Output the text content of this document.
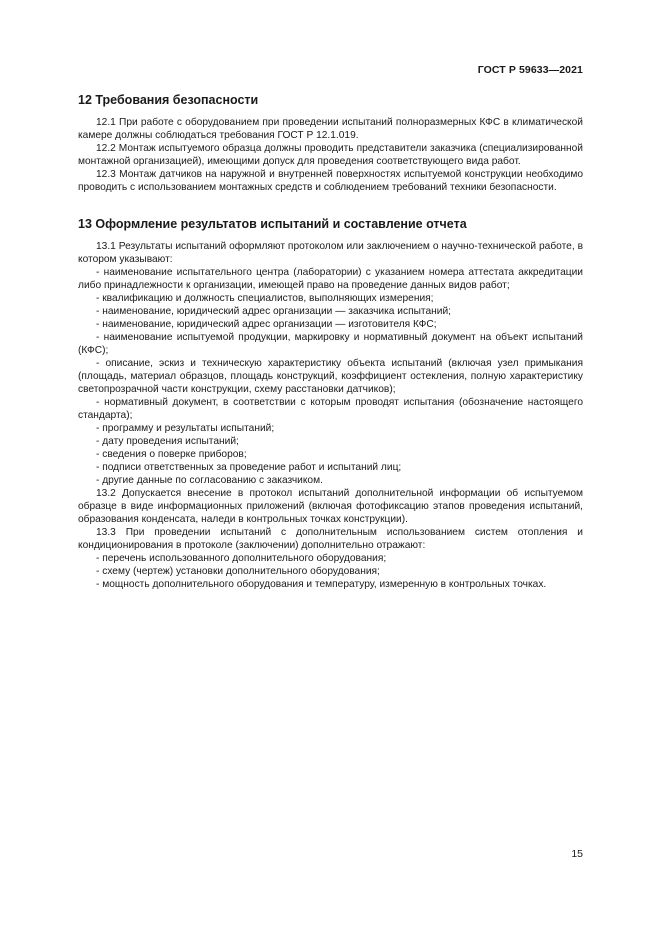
ГОСТ Р 59633—2021
12 Требования безопасности

12.1 При работе с оборудованием при проведении испытаний полноразмерных КФС в климатической камере должны соблюдаться требования ГОСТ Р 12.1.019.

12.2 Монтаж испытуемого образца должны проводить представители заказчика (специализированной монтажной организацией), имеющими допуск для проведения соответствующего вида работ.

12.3 Монтаж датчиков на наружной и внутренней поверхностях испытуемой конструкции необходимо проводить с использованием монтажных средств и соблюдением требований техники безопасности.

13 Оформление результатов испытаний и составление отчета

13.1 Результаты испытаний оформляют протоколом или заключением о научно-технической работе, в котором указывают:

- наименование испытательного центра (лаборатории) с указанием номера аттестата аккредитации либо принадлежности к организации, имеющей право на проведение данных видов работ;

- квалификацию и должность специалистов, выполняющих измерения;

- наименование, юридический адрес организации — заказчика испытаний;

- наименование, юридический адрес организации — изготовителя КФС;

- наименование испытуемой продукции, маркировку и нормативный документ на объект испытаний (КФС);

- описание, эскиз и техническую характеристику объекта испытаний (включая узел примыкания (площадь, материал образцов, площадь конструкций, коэффициент остекления, полную характеристику светопрозрачной части конструкции, схему расстановки датчиков);

- нормативный документ, в соответствии с которым проводят испытания (обозначение настоящего стандарта);

- программу и результаты испытаний;

- дату проведения испытаний;

- сведения о поверке приборов;

- подписи ответственных за проведение работ и испытаний лиц;

- другие данные по согласованию с заказчиком.

13.2 Допускается внесение в протокол испытаний дополнительной информации об испытуемом образце в виде информационных приложений (включая фотофиксацию этапов проведения испытаний, образования конденсата, наледи в контрольных точках конструкции).

13.3 При проведении испытаний с дополнительным использованием систем отопления и кондиционирования в протоколе (заключении) дополнительно отражают:

- перечень использованного дополнительного оборудования;

- схему (чертеж) установки дополнительного оборудования;

- мощность дополнительного оборудования и температуру, измеренную в контрольных точках.

15
